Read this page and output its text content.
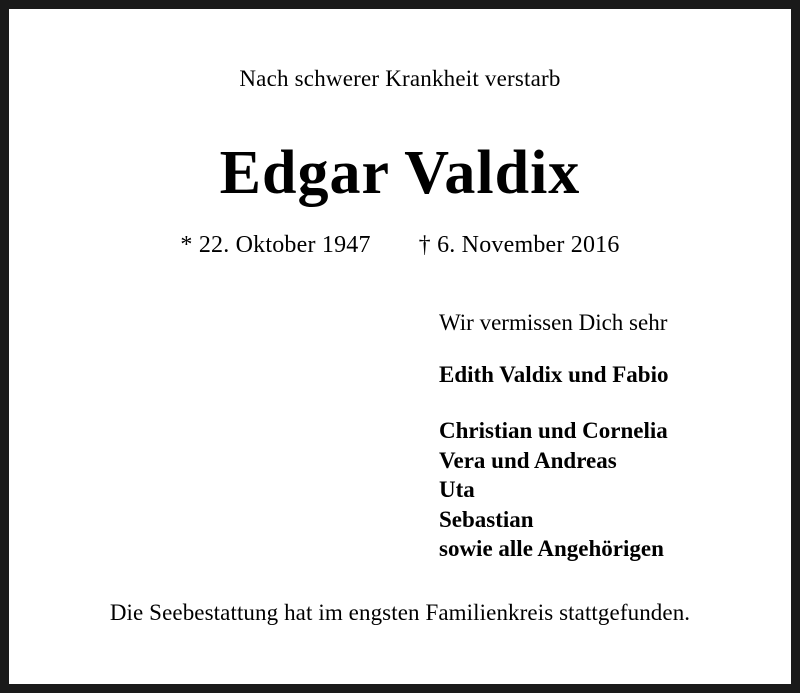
Nach schwerer Krankheit verstarb
Edgar Valdix
* 22. Oktober 1947 † 6. November 2016
Wir vermissen Dich sehr
Edith Valdix und Fabio
Christian und Cornelia
Vera und Andreas
Uta
Sebastian
sowie alle Angehörigen
Die Seebestattung hat im engsten Familienkreis stattgefunden.
